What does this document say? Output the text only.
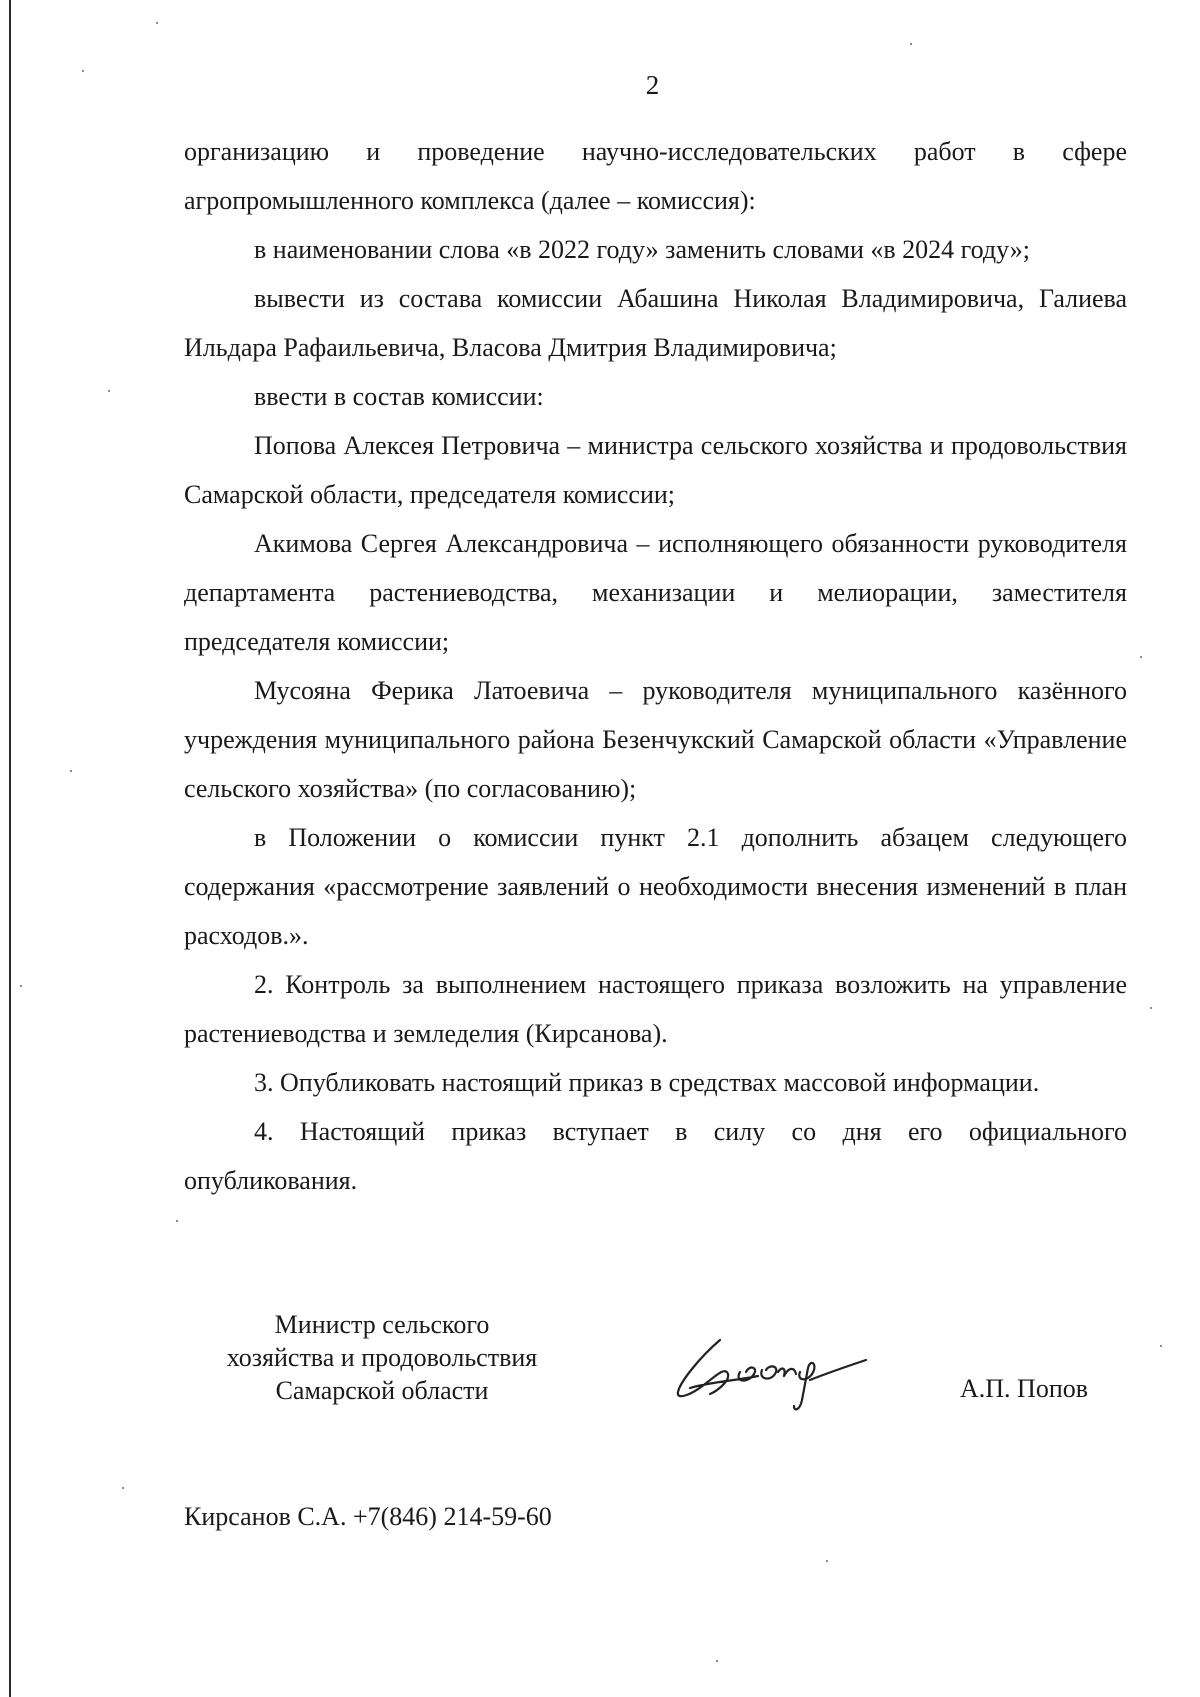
2

организацию и проведение научно-исследовательских работ в сфере агропромышленного комплекса (далее – комиссия):

в наименовании слова «в 2022 году» заменить словами «в 2024 году»;

вывести из состава комиссии Абашина Николая Владимировича, Галиева Ильдара Рафаильевича, Власова Дмитрия Владимировича;

ввести в состав комиссии:

Попова Алексея Петровича – министра сельского хозяйства и продовольствия Самарской области, председателя комиссии;

Акимова Сергея Александровича – исполняющего обязанности руководителя департамента растениеводства, механизации и мелиорации, заместителя председателя комиссии;

Мусояна Ферика Латоевича – руководителя муниципального казённого учреждения муниципального района Безенчукский Самарской области «Управление сельского хозяйства» (по согласованию);

в Положении о комиссии пункт 2.1 дополнить абзацем следующего содержания «рассмотрение заявлений о необходимости внесения изменений в план расходов.».

2. Контроль за выполнением настоящего приказа возложить на управление растениеводства и земледелия (Кирсанова).

3. Опубликовать настоящий приказ в средствах массовой информации.

4. Настоящий приказ вступает в силу со дня его официального опубликования.

Министр сельского
хозяйства и продовольствия
Самарской области	А.П. Попов
Кирсанов С.А. +7(846) 214-59-60
